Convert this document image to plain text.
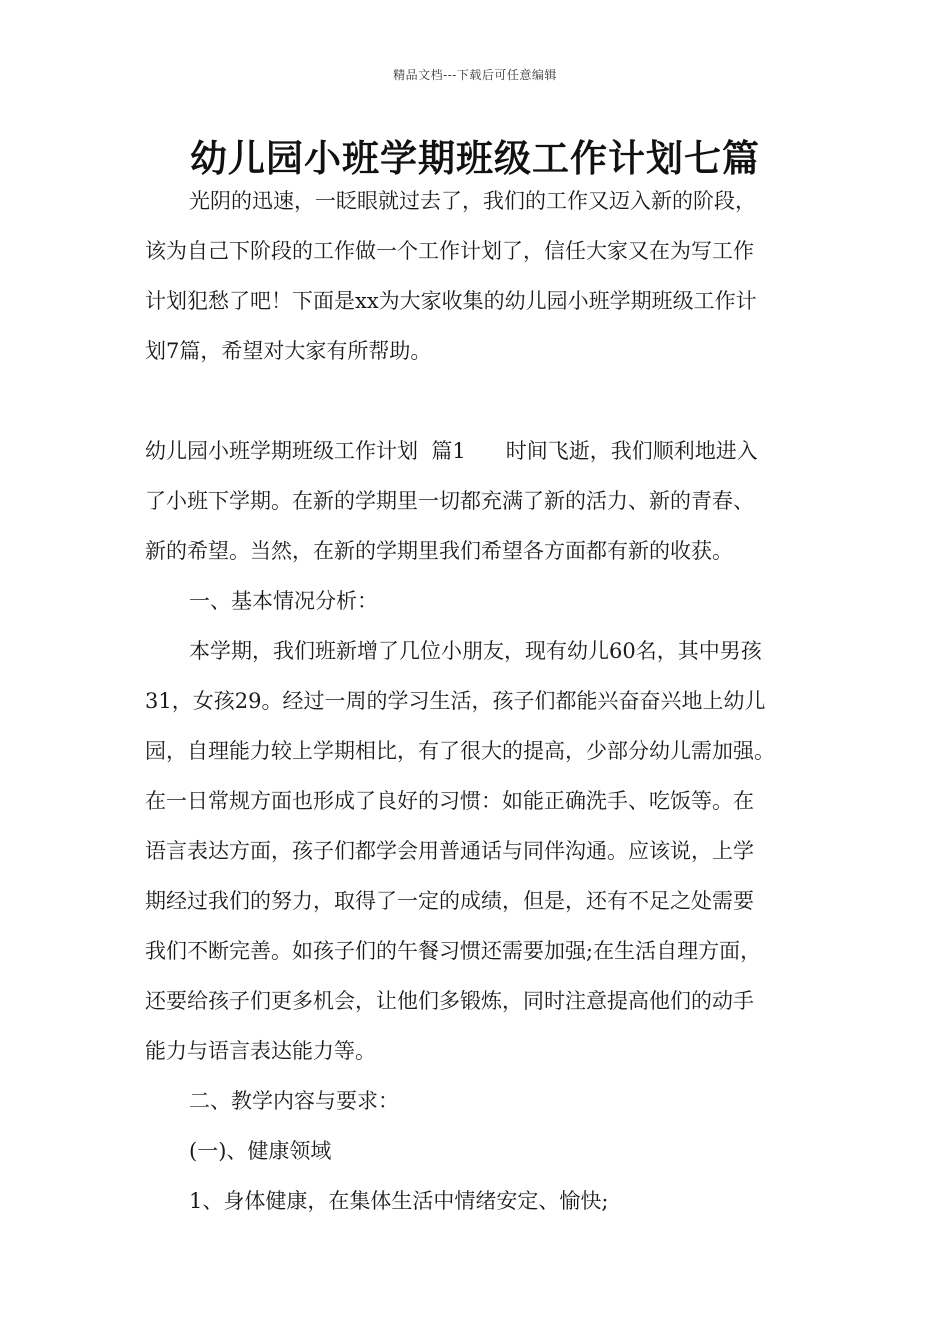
精品文档---下载后可任意编辑
幼儿园小班学期班级工作计划七篇
光阴的迅速，一眨眼就过去了，我们的工作又迈入新的阶段，
该为自己下阶段的工作做一个工作计划了，信任大家又在为写工作
计划犯愁了吧！下面是xx为大家收集的幼儿园小班学期班级工作计
划7篇，希望对大家有所帮助。
幼儿园小班学期班级工作计划  篇1      时间飞逝，我们顺利地进入
了小班下学期。在新的学期里一切都充满了新的活力、新的青春、
新的希望。当然，在新的学期里我们希望各方面都有新的收获。
一、基本情况分析：
本学期，我们班新增了几位小朋友，现有幼儿60名，其中男孩
31，女孩29。经过一周的学习生活，孩子们都能兴奋奋兴地上幼儿
园，自理能力较上学期相比，有了很大的提高，少部分幼儿需加强。
在一日常规方面也形成了良好的习惯：如能正确洗手、吃饭等。在
语言表达方面，孩子们都学会用普通话与同伴沟通。应该说，上学
期经过我们的努力，取得了一定的成绩，但是，还有不足之处需要
我们不断完善。如孩子们的午餐习惯还需要加强;在生活自理方面，
还要给孩子们更多机会，让他们多锻炼，同时注意提高他们的动手
能力与语言表达能力等。
二、教学内容与要求：
(一)、健康领域
1、身体健康，在集体生活中情绪安定、愉快;
